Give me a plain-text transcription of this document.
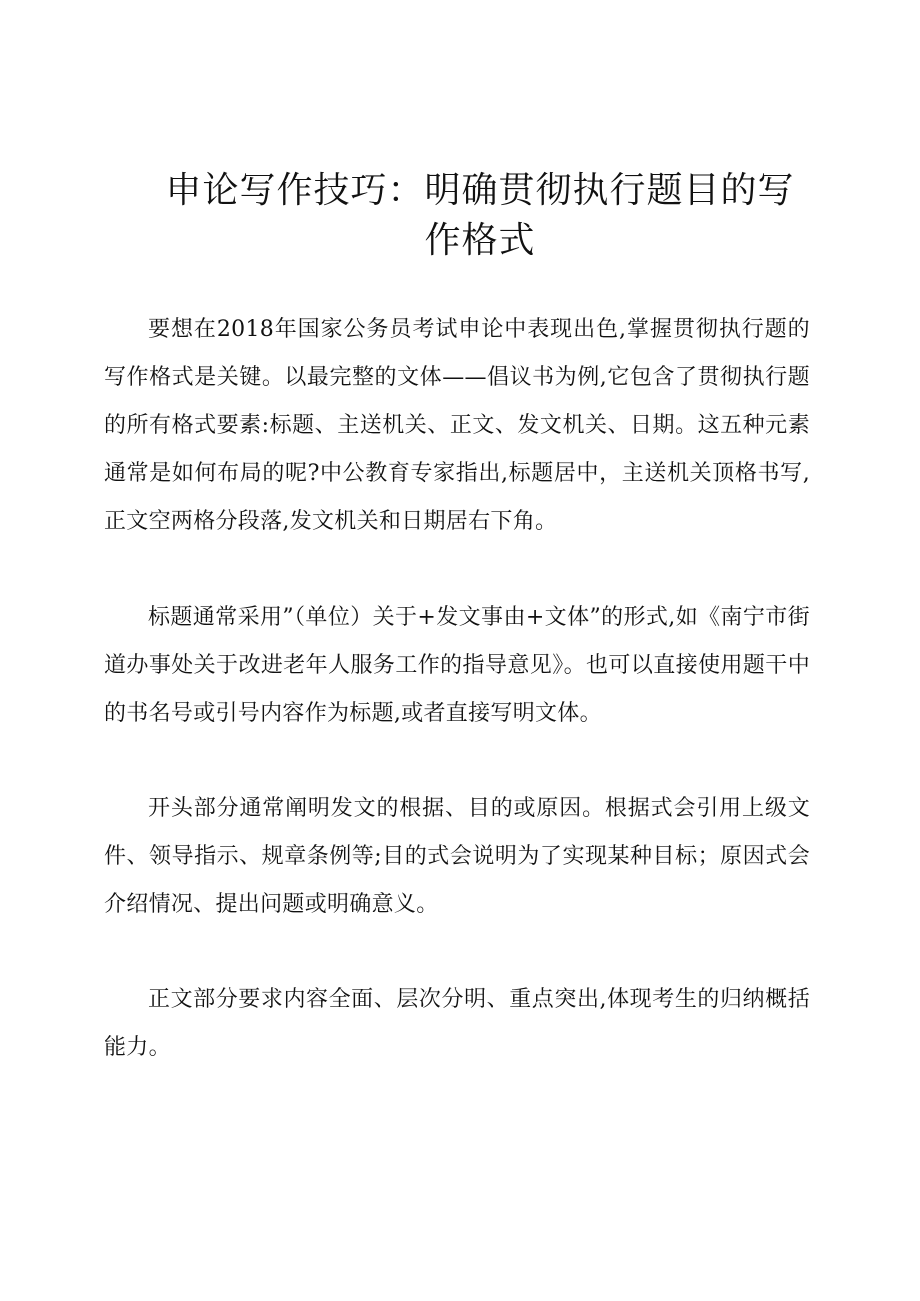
申论写作技巧：明确贯彻执行题目的写作格式

要想在2018年国家公务员考试申论中表现出色,掌握贯彻执行题的写作格式是关键。以最完整的文体——倡议书为例,它包含了贯彻执行题的所有格式要素:标题、主送机关、正文、发文机关、日期。这五种元素通常是如何布局的呢?中公教育专家指出,标题居中，主送机关顶格书写,正文空两格分段落,发文机关和日期居右下角。

标题通常采用”（单位）关于+发文事由+文体”的形式,如《南宁市街道办事处关于改进老年人服务工作的指导意见》。也可以直接使用题干中的书名号或引号内容作为标题,或者直接写明文体。

开头部分通常阐明发文的根据、目的或原因。根据式会引用上级文件、领导指示、规章条例等;目的式会说明为了实现某种目标；原因式会介绍情况、提出问题或明确意义。

正文部分要求内容全面、层次分明、重点突出,体现考生的归纳概括能力。
